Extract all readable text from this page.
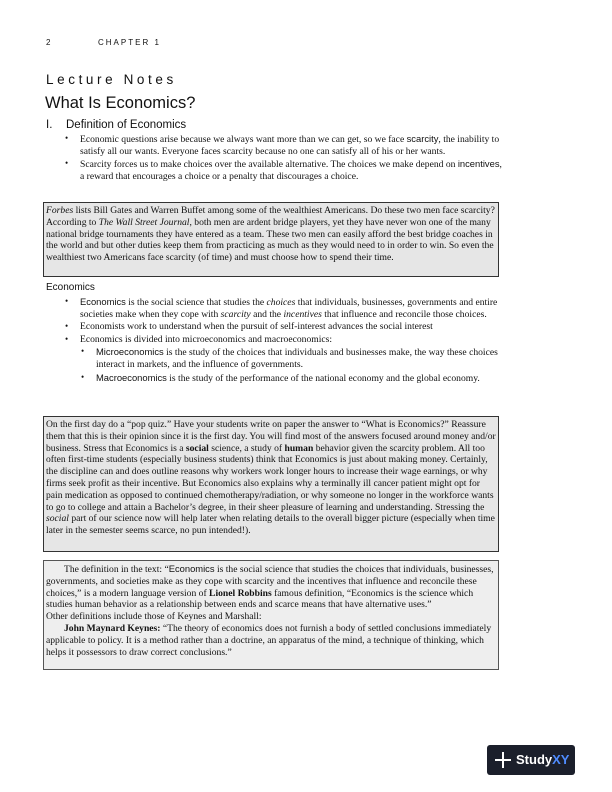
2	CHAPTER 1
Lecture Notes
What Is Economics?
I. Definition of Economics
• Economic questions arise because we always want more than we can get, so we face scarcity, the inability to satisfy all our wants. Everyone faces scarcity because no one can satisfy all of his or her wants.
• Scarcity forces us to make choices over the available alternative. The choices we make depend on incentives, a reward that encourages a choice or a penalty that discourages a choice.
Forbes lists Bill Gates and Warren Buffet among some of the wealthiest Americans. Do these two men face scarcity? According to The Wall Street Journal, both men are ardent bridge players, yet they have never won one of the many national bridge tournaments they have entered as a team. These two men can easily afford the best bridge coaches in the world and but other duties keep them from practicing as much as they would need to in order to win. So even the wealthiest two Americans face scarcity (of time) and must choose how to spend their time.
Economics
• Economics is the social science that studies the choices that individuals, businesses, governments and entire societies make when they cope with scarcity and the incentives that influence and reconcile those choices.
• Economists work to understand when the pursuit of self-interest advances the social interest
• Economics is divided into microeconomics and macroeconomics:
• Microeconomics is the study of the choices that individuals and businesses make, the way these choices interact in markets, and the influence of governments.
• Macroeconomics is the study of the performance of the national economy and the global economy.
On the first day do a “pop quiz.” Have your students write on paper the answer to “What is Economics?” Reassure them that this is their opinion since it is the first day. You will find most of the answers focused around money and/or business. Stress that Economics is a social science, a study of human behavior given the scarcity problem. All too often first-time students (especially business students) think that Economics is just about making money. Certainly, the discipline can and does outline reasons why workers work longer hours to increase their wage earnings, or why firms seek profit as their incentive. But Economics also explains why a terminally ill cancer patient might opt for pain medication as opposed to continued chemotherapy/radiation, or why someone no longer in the workforce wants to go to college and attain a Bachelor’s degree, in their sheer pleasure of learning and understanding. Stressing the social part of our science now will help later when relating details to the overall bigger picture (especially when time later in the semester seems scarce, no pun intended!).
The definition in the text: “Economics is the social science that studies the choices that individuals, businesses, governments, and societies make as they cope with scarcity and the incentives that influence and reconcile these choices,” is a modern language version of Lionel Robbins famous definition, “Economics is the science which studies human behavior as a relationship between ends and scarce means that have alternative uses.”
Other definitions include those of Keynes and Marshall:
John Maynard Keynes: “The theory of economics does not furnish a body of settled conclusions immediately applicable to policy. It is a method rather than a doctrine, an apparatus of the mind, a technique of thinking, which helps it possessors to draw correct conclusions.”
StudyXY
